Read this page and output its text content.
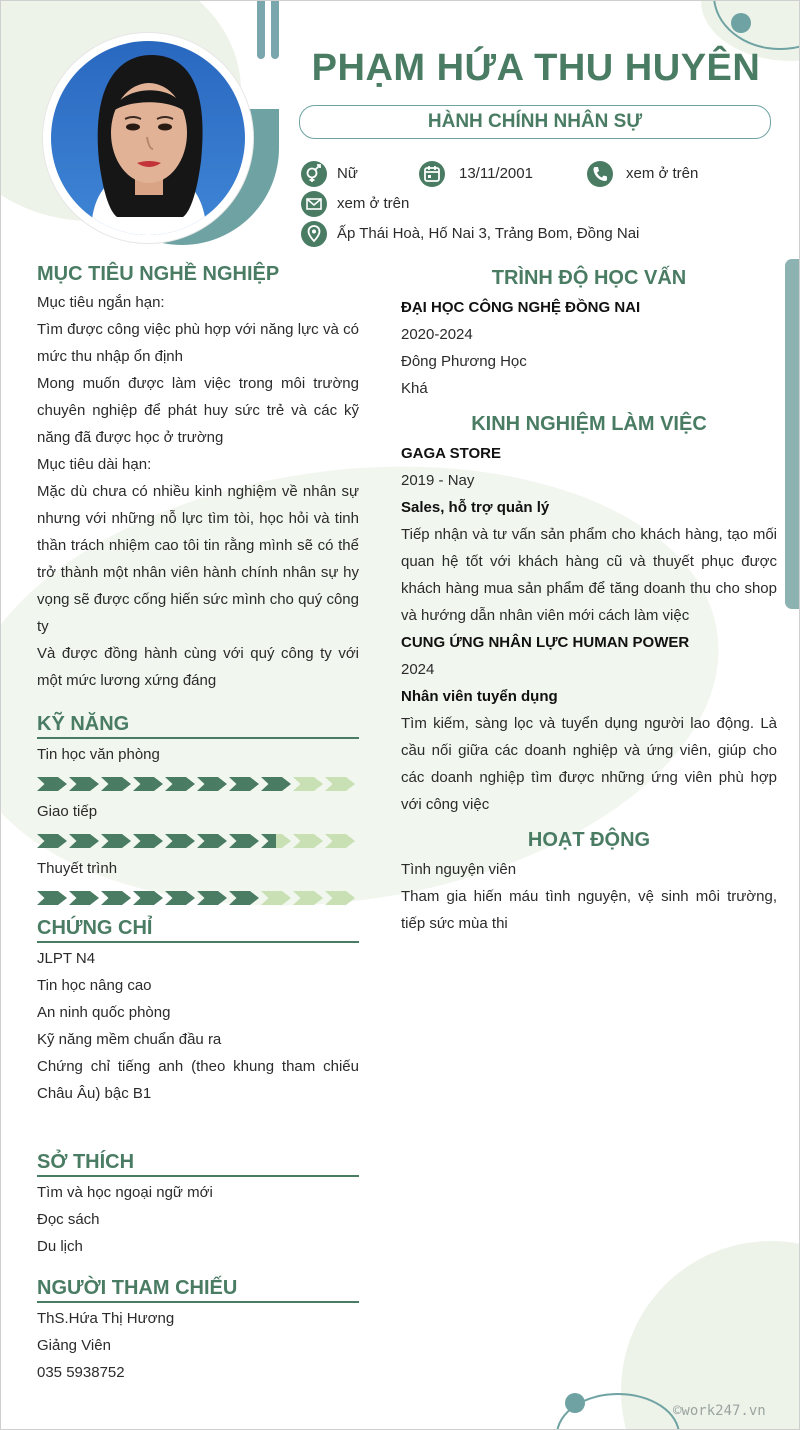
PHẠM HỨA THU HUYÊN
HÀNH CHÍNH NHÂN SỰ
Nữ	13/11/2001	xem ở trên
xem ở trên
Ấp Thái Hoà, Hố Nai 3, Trảng Bom, Đồng Nai
MỤC TIÊU NGHỀ NGHIỆP

Mục tiêu ngắn hạn:

Tìm được công việc phù hợp với năng lực và có mức thu nhập ổn định

Mong muốn được làm việc trong môi trường chuyên nghiệp để phát huy sức trẻ và các kỹ năng đã được học ở trường

Mục tiêu dài hạn:

Mặc dù chưa có nhiều kinh nghiệm về nhân sự nhưng với những nỗ lực tìm tòi, học hỏi và tinh thần trách nhiệm cao tôi tin rằng mình sẽ có thể trở thành một nhân viên hành chính nhân sự hy vọng sẽ được cống hiến sức mình cho quý công ty

Và được đồng hành cùng với quý công ty với một mức lương xứng đáng

KỸ NĂNG

Tin học văn phòng

Giao tiếp

Thuyết trình

CHỨNG CHỈ

JLPT N4

Tin học nâng cao

An ninh quốc phòng

Kỹ năng mềm chuẩn đầu ra

Chứng chỉ tiếng anh (theo khung tham chiếu Châu Âu) bậc B1

SỞ THÍCH

Tìm và học ngoại ngữ mới

Đọc sách

Du lịch

NGƯỜI THAM CHIẾU

ThS.Hứa Thị Hương

Giảng Viên

035 5938752

TRÌNH ĐỘ HỌC VẤN

ĐẠI HỌC CÔNG NGHỆ ĐỒNG NAI

2020-2024

Đông Phương Học

Khá

KINH NGHIỆM LÀM VIỆC

GAGA STORE

2019 - Nay

Sales, hỗ trợ quản lý

Tiếp nhận và tư vấn sản phẩm cho khách hàng, tạo mối quan hệ tốt với khách hàng cũ và thuyết phục được khách hàng mua sản phẩm để tăng doanh thu cho shop và hướng dẫn nhân viên mới cách làm việc

CUNG ỨNG NHÂN LỰC HUMAN POWER

2024

Nhân viên tuyển dụng

Tìm kiếm, sàng lọc và tuyển dụng người lao động. Là cầu nối giữa các doanh nghiệp và ứng viên, giúp cho các doanh nghiệp tìm được những ứng viên phù hợp với công việc

HOẠT ĐỘNG

Tình nguyện viên

Tham gia hiến máu tình nguyện, vệ sinh môi trường, tiếp sức mùa thi

©work247.vn
